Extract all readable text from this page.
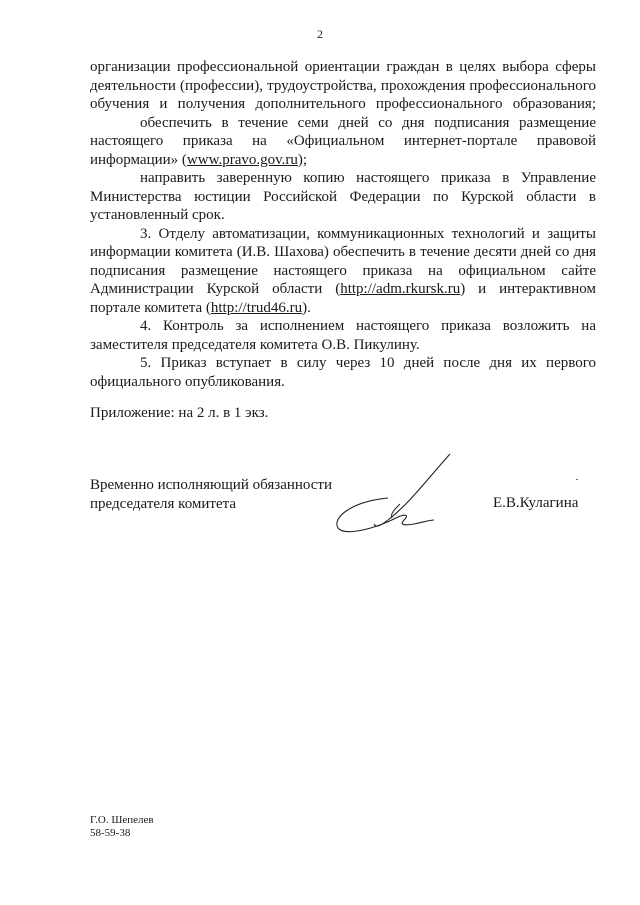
2

организации профессиональной ориентации граждан в целях выбора сферы деятельности (профессии), трудоустройства, прохождения профессионального обучения и получения дополнительного профессионального образования;

обеспечить в течение семи дней со дня подписания размещение настоящего приказа на «Официальном интернет-портале правовой информации» (www.pravo.gov.ru);

направить заверенную копию настоящего приказа в Управление Министерства юстиции Российской Федерации по Курской области в установленный срок.

3. Отделу автоматизации, коммуникационных технологий и защиты информации комитета (И.В. Шахова) обеспечить в течение десяти дней со дня подписания размещение настоящего приказа на официальном сайте Администрации Курской области (http://adm.rkursk.ru) и интерактивном портале комитета (http://trud46.ru).

4. Контроль за исполнением настоящего приказа возложить на заместителя председателя комитета О.В. Пикулину.

5. Приказ вступает в силу через 10 дней после дня их первого официального опубликования.

Приложение: на 2 л. в 1 экз.
Временно исполняющий обязанности
председателя комитета	Е.В.Кулагина
Г.О. Шепелев
58-59-38
